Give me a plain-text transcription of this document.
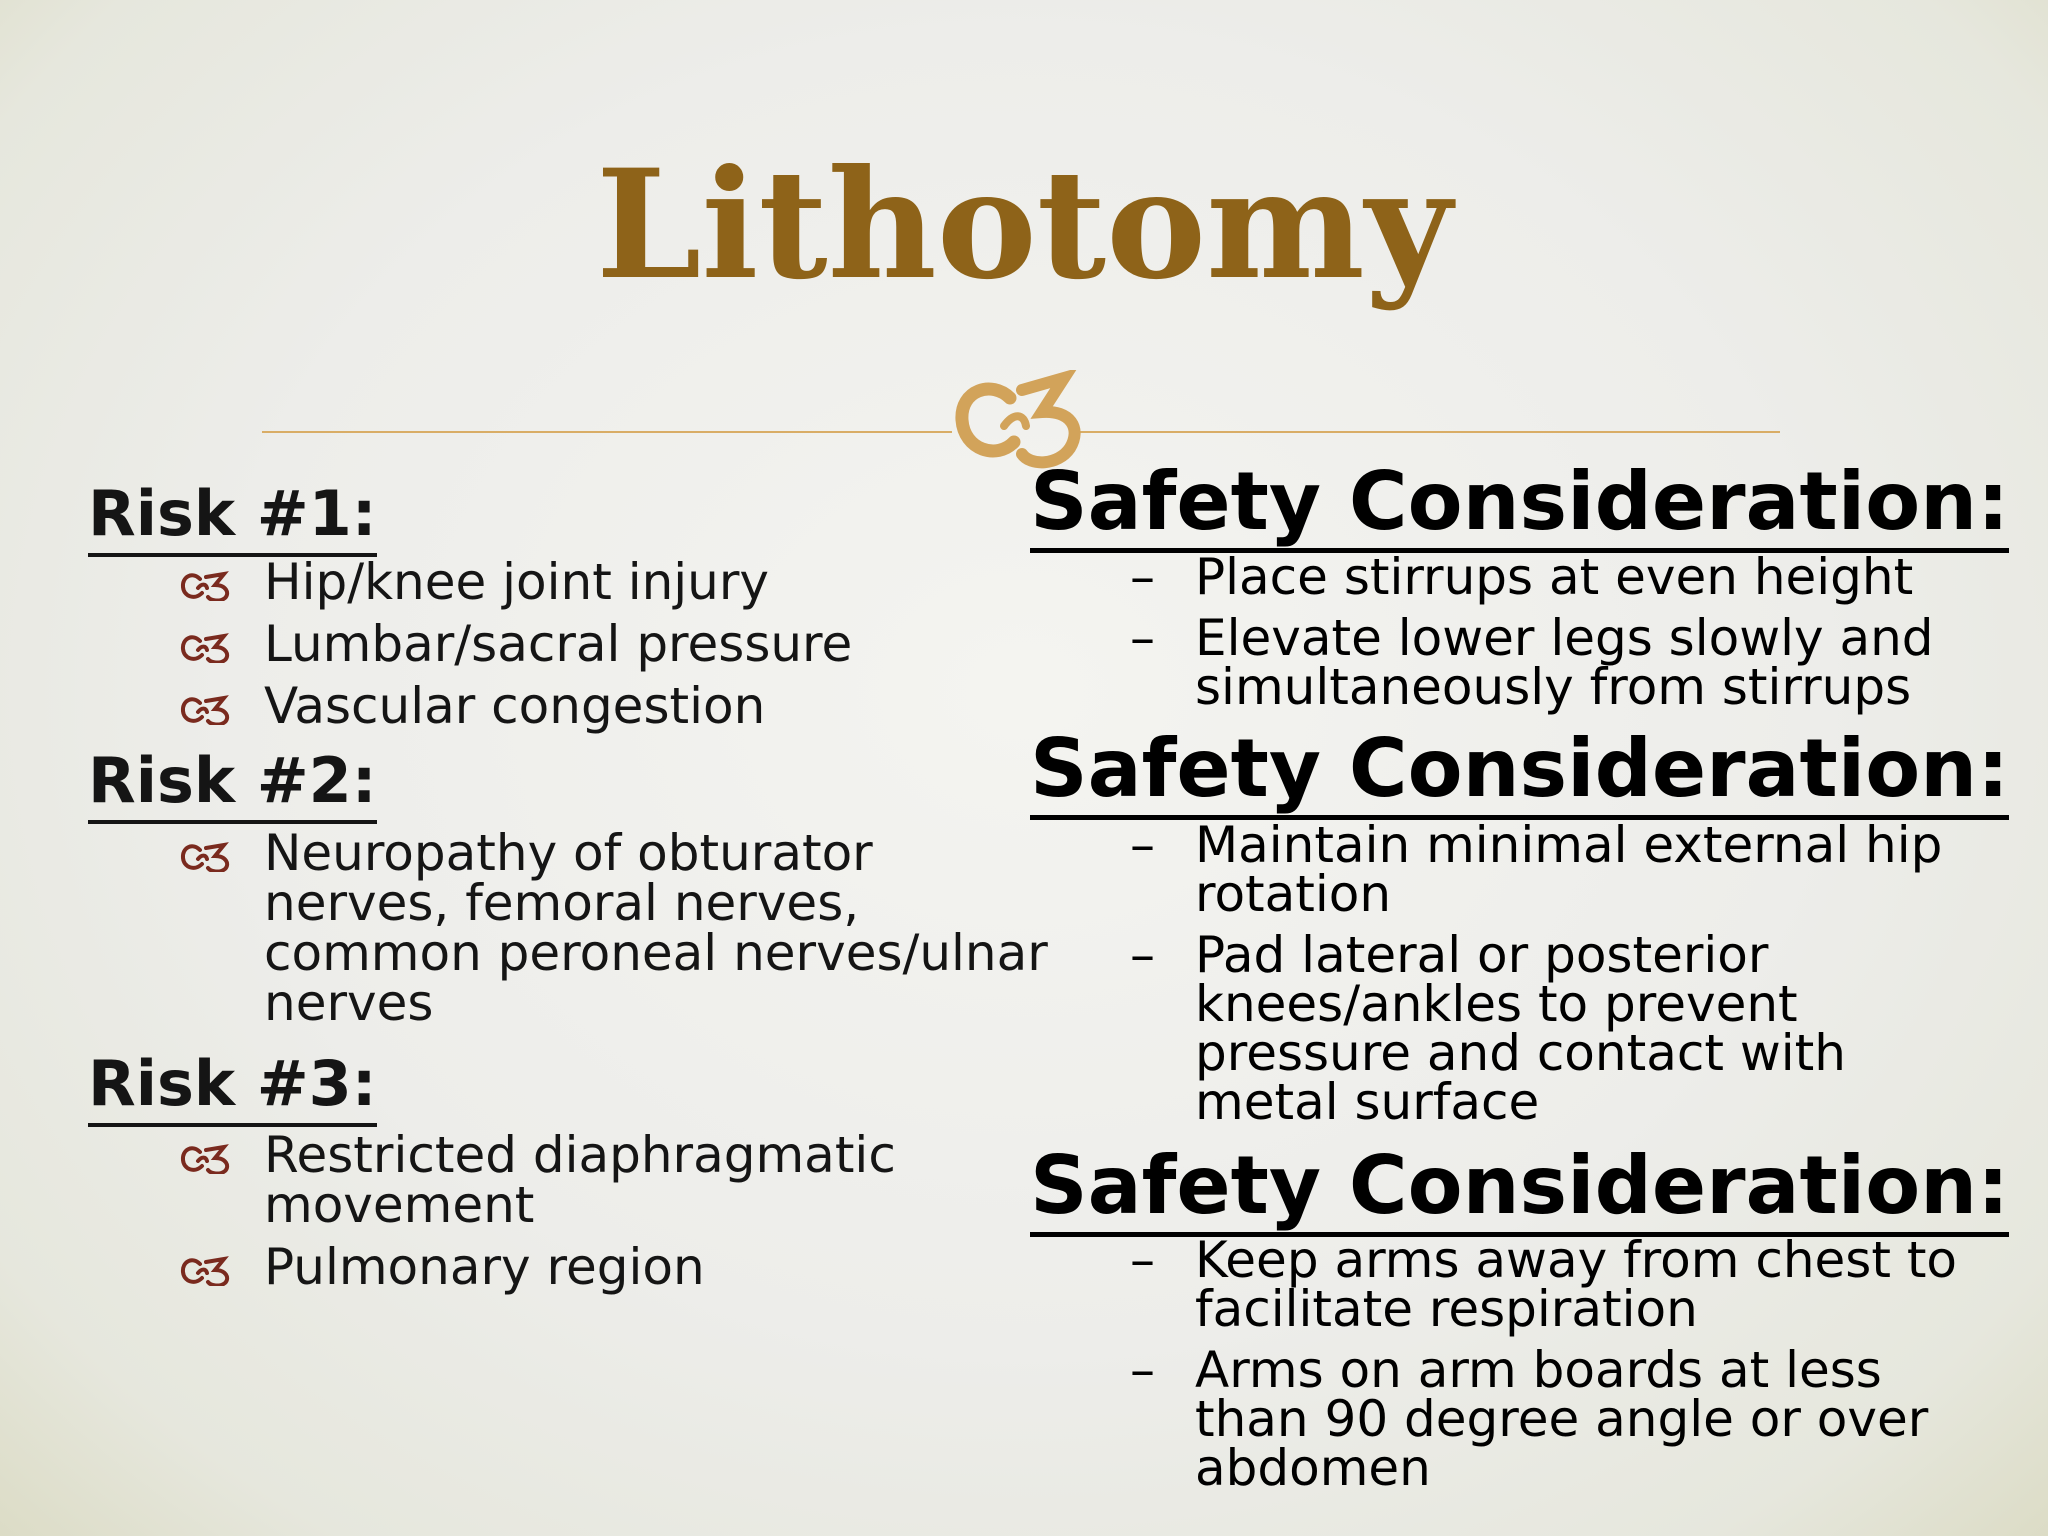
Lithotomy
Risk #1:
Hip/knee joint injury
Lumbar/sacral pressure
Vascular congestion
Risk #2:
Neuropathy of obturator nerves, femoral nerves, common peroneal nerves/ulnar nerves
Risk #3:
Restricted diaphragmatic movement
Pulmonary region
Safety Consideration:
– Place stirrups at even height
– Elevate lower legs slowly and simultaneously from stirrups
Safety Consideration:
– Maintain minimal external hip rotation
– Pad lateral or posterior knees/ankles to prevent pressure and contact with metal surface
Safety Consideration:
– Keep arms away from chest to facilitate respiration
– Arms on arm boards at less than 90 degree angle or over abdomen
